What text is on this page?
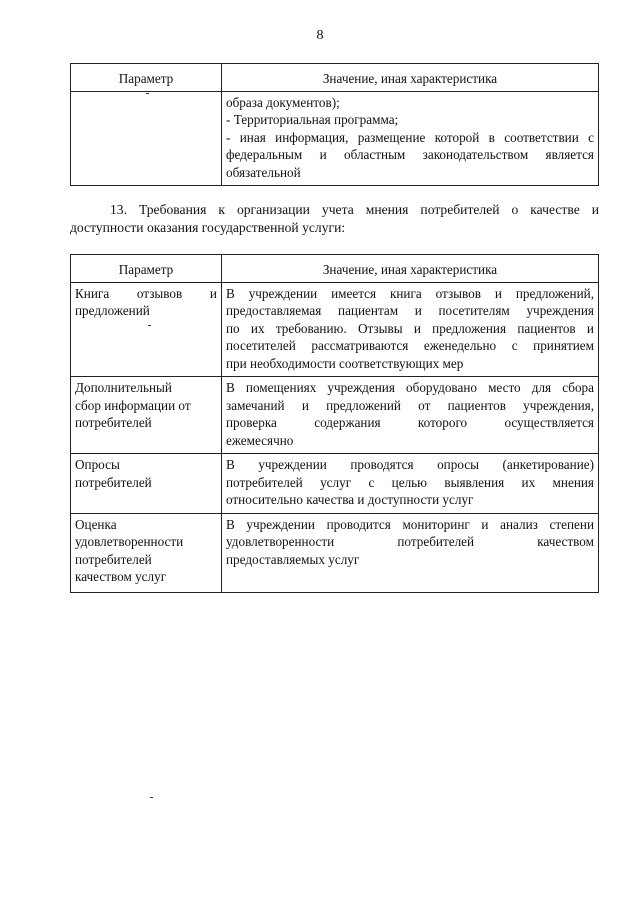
8
Параметр	Значение, иная характеристика

	образа документов);
- Территориальная программа;
- иная информация, размещение которой в соответствии с
федеральным и областным законодательством является
обязательной
13. Требования к организации учета мнения потребителей о качестве и
доступности оказания государственной услуги:
Параметр	Значение, иная характеристика

Книга отзывов и
предложений	В учреждении имеется книга отзывов и предложений,
предоставляемая пациентам и посетителям учреждения
по их требованию. Отзывы и предложения пациентов и
посетителей рассматриваются еженедельно с принятием
при необходимости соответствующих мер

Дополнительный
сбор информации от
потребителей	В помещениях учреждения оборудовано место для сбора
замечаний и предложений от пациентов учреждения,
проверка содержания которого осуществляется
ежемесячно

Опросы
потребителей	В учреждении проводятся опросы (анкетирование)
потребителей услуг с целью выявления их мнения
относительно качества и доступности услуг

Оценка
удовлетворенности
потребителей
качеством услуг	В учреждении проводится мониторинг и анализ степени
удовлетворенности потребителей качеством
предоставляемых услуг
